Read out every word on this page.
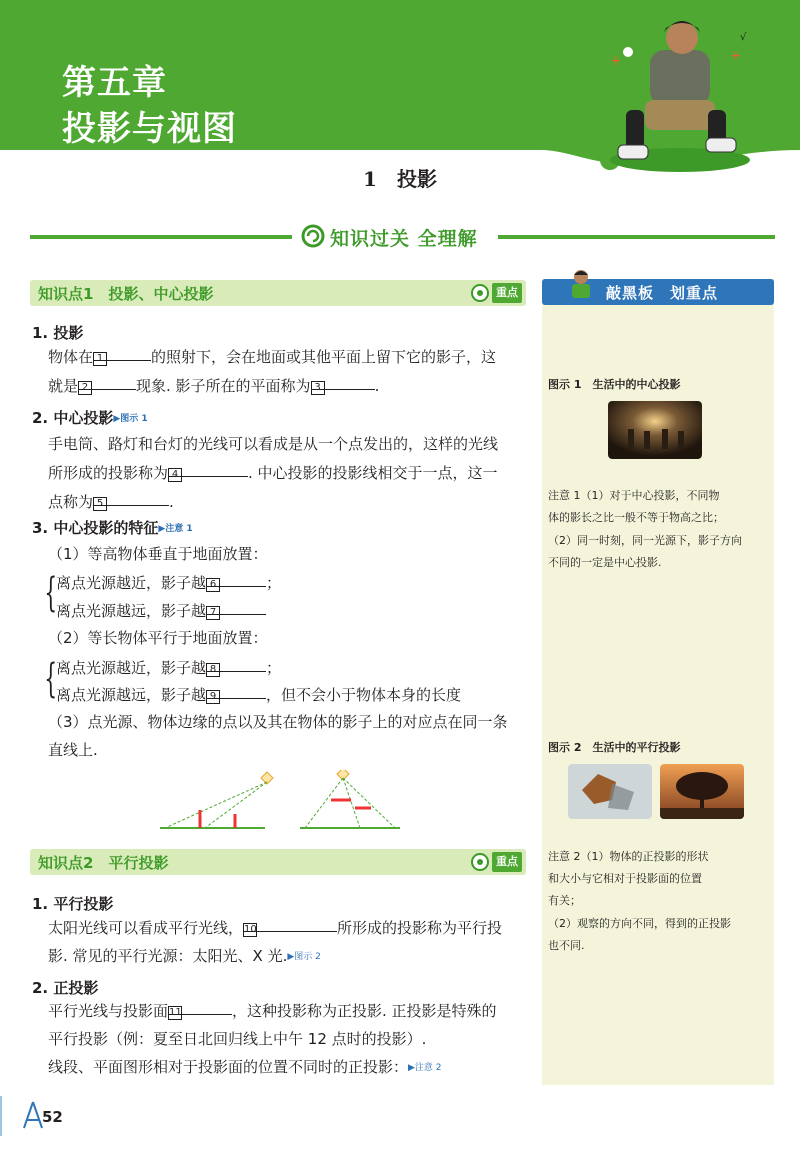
第五章
投影与视图
+	+
√
1　投影
知识过关 全理解
知识点1　投影、中心投影	重点
1. 投影
物体在 1	的照射下，会在地面或其他平面上留下它的影子，这
就是 2	现象. 影子所在的平面称为 3	.
2. 中心投影▶图示 1
手电筒、路灯和台灯的光线可以看成是从一个点发出的，这样的光线
所形成的投影称为 4	. 中心投影的投影线相交于一点，这一
点称为 5	.
3. 中心投影的特征▶注意 1
（1）等高物体垂直于地面放置：
{
离点光源越近，影子越 6	；
离点光源越远，影子越 7
（2）等长物体平行于地面放置：
{
离点光源越近，影子越 8	；
离点光源越远，影子越 9	，但不会小于物体本身的长度
（3）点光源、物体边缘的点以及其在物体的影子上的对应点在同一条
直线上.
知识点2　平行投影	重点
1. 平行投影
太阳光线可以看成平行光线，10	所形成的投影称为平行投
影. 常见的平行光源：太阳光、X 光.▶图示 2
2. 正投影
平行光线与投影面11	，这种投影称为正投影. 正投影是特殊的
平行投影（例：夏至日北回归线上中午 12 点时的投影）.
线段、平面图形相对于投影面的位置不同时的正投影：▶注意 2
敲黑板　划重点
图示 1　生活中的中心投影
注意 1（1）对于中心投影，不同物
体的影长之比一般不等于物高之比；
（2）同一时刻，同一光源下，影子方向
不同的一定是中心投影.
图示 2　生活中的平行投影
注意 2（1）物体的正投影的形状
和大小与它相对于投影面的位置
有关；
（2）观察的方向不同，得到的正投影
也不同.
52
